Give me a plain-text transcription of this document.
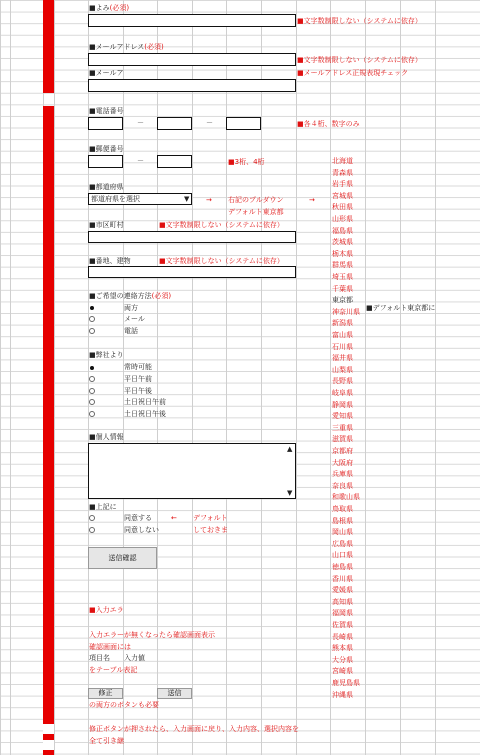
■よみ(必須)
■文字数制限しない（システムに依存）
■メールアドレス(必須)
■文字数制限しない（システムに依存）
■メールア	■メールアドレス正規表現チェック
■電話番号
－	－	■各４桁、数字のみ
■郵便番号
－	■3桁、4桁
■都道府県
都道府県を選択	▼ → 右記のプルダウン	→
デフォルト東京都
■市区町村	■文字数制限しない（システムに依存）
■番地、建物	■文字数制限しない（システムに依存）
■ご希望の連絡方法(必須)
両方
メール
電話
■弊社より
常時可能
平日午前
平日午後
土日祝日午前
土日祝日午後
■個人情報
▲
▼
■上記に
同意する	← デフォルト
同意しない	しておきま
送信確認
■入力エラ
入力エラーが無くなったら確認画面表示
確認画面には
項目名 入力値
をテーブル表記
修正	送信
の両方のボタンも必要
修正ボタンが押されたら、入力画面に戻り、入力内容、選択内容を
全て引き継
■デフォルト東京都に
北海道
青森県
岩手県
宮城県
秋田県
山形県
福島県
茨城県
栃木県
群馬県
埼玉県
千葉県
東京都
神奈川県
新潟県
富山県
石川県
福井県
山梨県
長野県
岐阜県
静岡県
愛知県
三重県
滋賀県
京都府
大阪府
兵庫県
奈良県
和歌山県
鳥取県
島根県
岡山県
広島県
山口県
徳島県
香川県
愛媛県
高知県
福岡県
佐賀県
長崎県
熊本県
大分県
宮崎県
鹿児島県
沖縄県
